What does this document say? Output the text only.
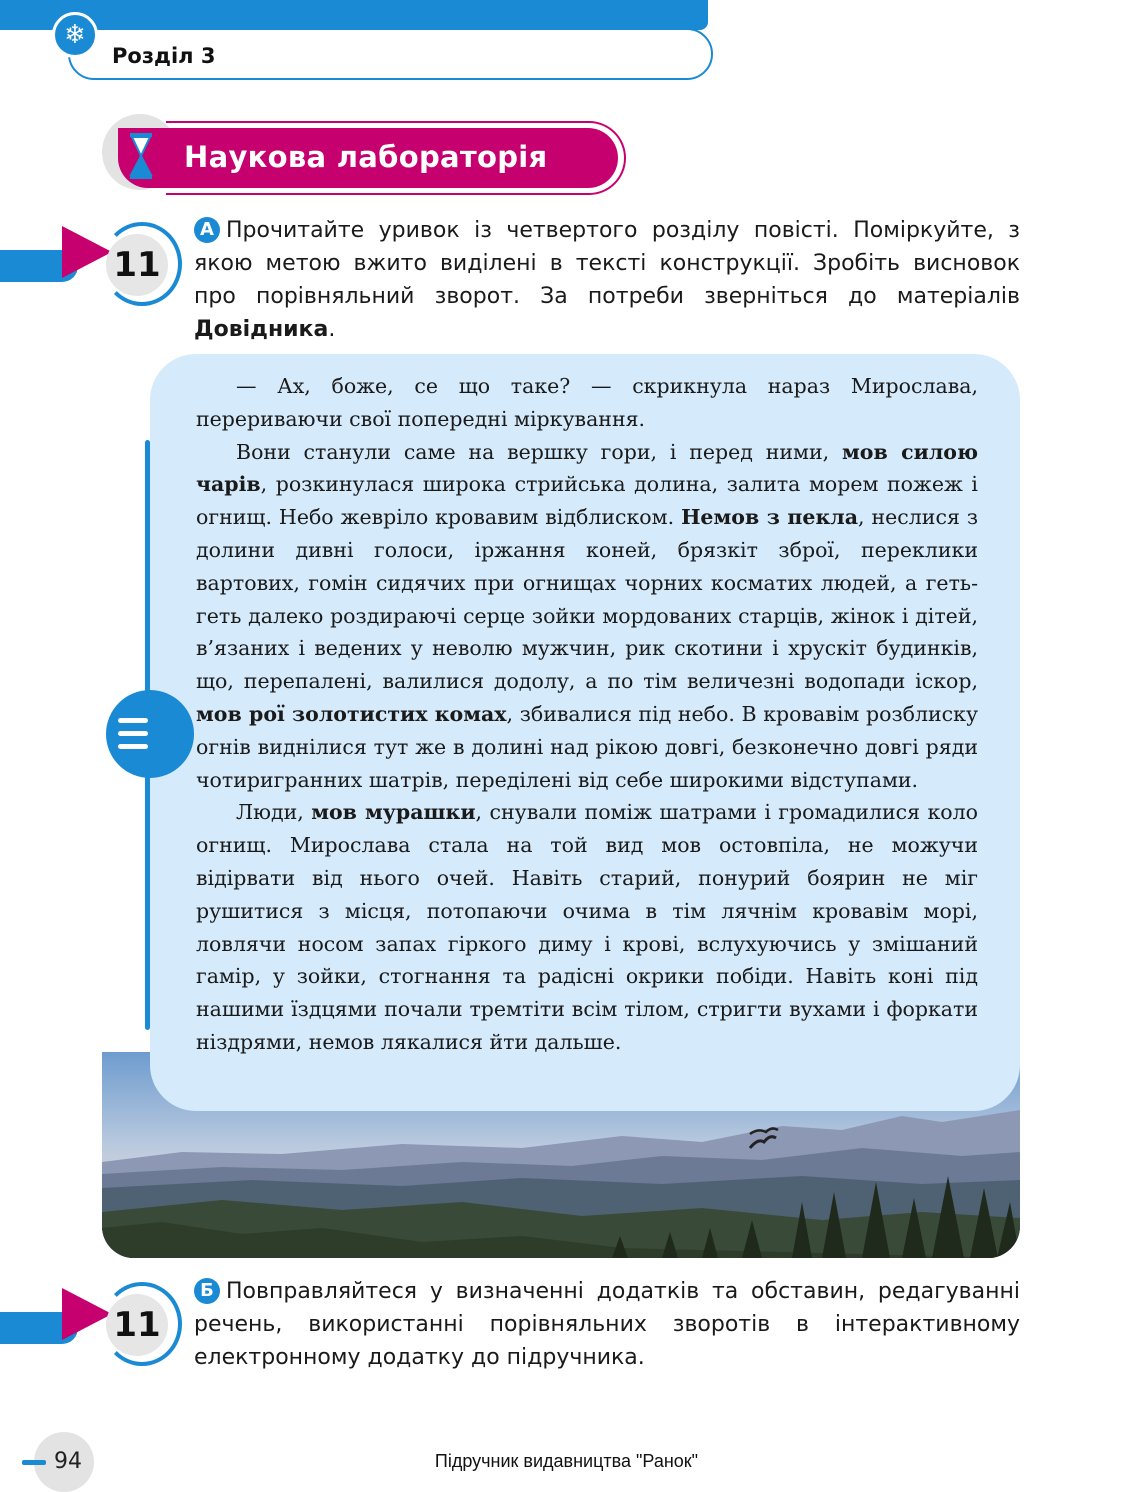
❄
Розділ 3
Наукова лабораторія
11
А Прочитайте уривок із четвертого розділу повісті. Поміркуйте, з якою метою вжито виділені в тексті конструкції. Зробіть висновок про порівняльний зворот. За потреби зверніться до матеріалів Довідника.

— Ах, боже, се що таке? — скрикнула нараз Мирослава, перериваючи свої попередні міркування.

Вони станули саме на вершку гори, і перед ними, мов силою чарів, розкинулася широка стрийська долина, залита морем пожеж і огнищ. Небо жевріло кровавим відблиском. Немов з пекла, неслися з долини дивні голоси, іржання коней, брязкіт зброї, переклики вартових, гомін сидячих при огнищах чорних косматих людей, а геть-геть далеко роздираючі серце зойки мордованих старців, жінок і дітей, в’язаних і ведених у неволю мужчин, рик скотини і хрускіт будинків, що, перепалені, валилися додолу, а по тім величезні водопади іскор, мов рої золотистих комах, збивалися під небо. В кровавім розблиску огнів виднілися тут же в долині над рікою довгі, безконечно довгі ряди чотиригранних шатрів, переділені від себе широкими відступами.

Люди, мов мурашки, снували поміж шатрами і громадилися коло огнищ. Мирослава стала на той вид мов остовпіла, не можучи відірвати від нього очей. Навіть старий, понурий боярин не міг рушитися з місця, потопаючи очима в тім лячнім кровавім морі, ловлячи носом запах гіркого диму і крові, вслухуючись у змішаний гамір, у зойки, стогнання та радісні окрики побіди. Навіть коні під нашими їздцями почали тремтіти всім тілом, стригти вухами і форкати ніздрями, немов лякалися йти дальше.

11
Б Повправляйтеся у визначенні додатків та обставин, редагуванні речень, використанні порівняльних зворотів в інтерактивному електронному додатку до підручника.
94	Підручник видавництва "Ранок"
